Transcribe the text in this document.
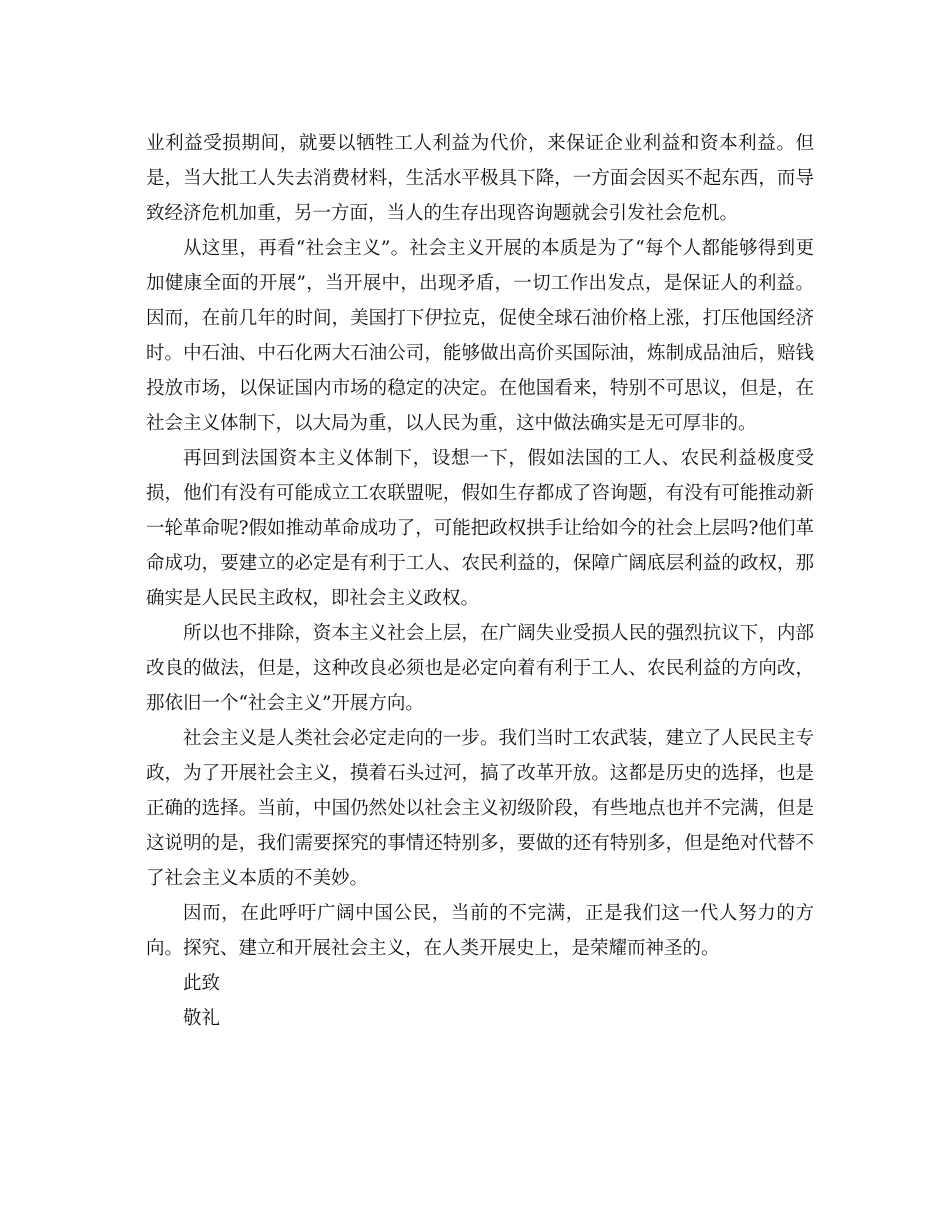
业利益受损期间，就要以牺牲工人利益为代价，来保证企业利益和资本利益。但是，当大批工人失去消费材料，生活水平极具下降，一方面会因买不起东西，而导致经济危机加重，另一方面，当人的生存出现咨询题就会引发社会危机。

从这里，再看“社会主义”。社会主义开展的本质是为了“每个人都能够得到更加健康全面的开展”，当开展中，出现矛盾，一切工作出发点，是保证人的利益。因而，在前几年的时间，美国打下伊拉克，促使全球石油价格上涨，打压他国经济时。中石油、中石化两大石油公司，能够做出高价买国际油，炼制成品油后，赔钱投放市场，以保证国内市场的稳定的决定。在他国看来，特别不可思议，但是，在社会主义体制下，以大局为重，以人民为重，这中做法确实是无可厚非的。

再回到法国资本主义体制下，设想一下，假如法国的工人、农民利益极度受损，他们有没有可能成立工农联盟呢，假如生存都成了咨询题，有没有可能推动新一轮革命呢?假如推动革命成功了，可能把政权拱手让给如今的社会上层吗?他们革命成功，要建立的必定是有利于工人、农民利益的，保障广阔底层利益的政权，那确实是人民民主政权，即社会主义政权。

所以也不排除，资本主义社会上层，在广阔失业受损人民的强烈抗议下，内部改良的做法，但是，这种改良必须也是必定向着有利于工人、农民利益的方向改，那依旧一个“社会主义”开展方向。

社会主义是人类社会必定走向的一步。我们当时工农武装，建立了人民民主专政，为了开展社会主义，摸着石头过河，搞了改革开放。这都是历史的选择，也是正确的选择。当前，中国仍然处以社会主义初级阶段，有些地点也并不完满，但是这说明的是，我们需要探究的事情还特别多，要做的还有特别多，但是绝对代替不了社会主义本质的不美妙。

因而，在此呼吁广阔中国公民，当前的不完满，正是我们这一代人努力的方向。探究、建立和开展社会主义，在人类开展史上，是荣耀而神圣的。

此致

敬礼
